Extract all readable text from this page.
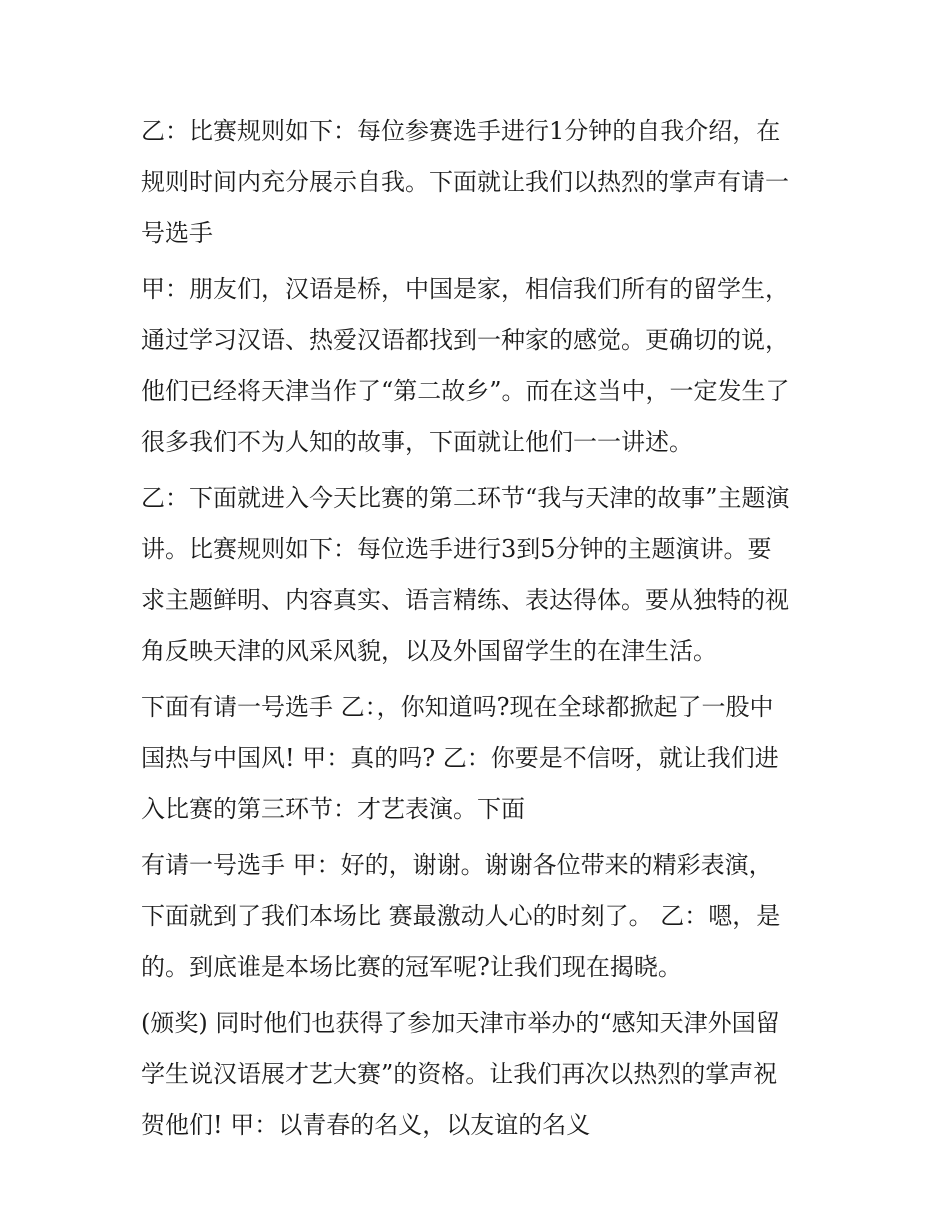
乙：比赛规则如下：每位参赛选手进行1分钟的自我介绍，在
规则时间内充分展示自我。下面就让我们以热烈的掌声有请一
号选手
甲：朋友们，汉语是桥，中国是家，相信我们所有的留学生，
通过学习汉语、热爱汉语都找到一种家的感觉。更确切的说，
他们已经将天津当作了“第二故乡”。而在这当中，一定发生了
很多我们不为人知的故事，下面就让他们一一讲述。
乙：下面就进入今天比赛的第二环节“我与天津的故事”主题演
讲。比赛规则如下：每位选手进行3到5分钟的主题演讲。要
求主题鲜明、内容真实、语言精练、表达得体。要从独特的视
角反映天津的风采风貌，以及外国留学生的在津生活。
下面有请一号选手 乙：，你知道吗?现在全球都掀起了一股中
国热与中国风! 甲：真的吗? 乙：你要是不信呀，就让我们进
入比赛的第三环节：才艺表演。下面
有请一号选手 甲：好的，谢谢。谢谢各位带来的精彩表演，
下面就到了我们本场比 赛最激动人心的时刻了。 乙：嗯，是
的。到底谁是本场比赛的冠军呢?让我们现在揭晓。
(颁奖) 同时他们也获得了参加天津市举办的“感知天津外国留
学生说汉语展才艺大赛”的资格。让我们再次以热烈的掌声祝
贺他们! 甲：以青春的名义，以友谊的名义
